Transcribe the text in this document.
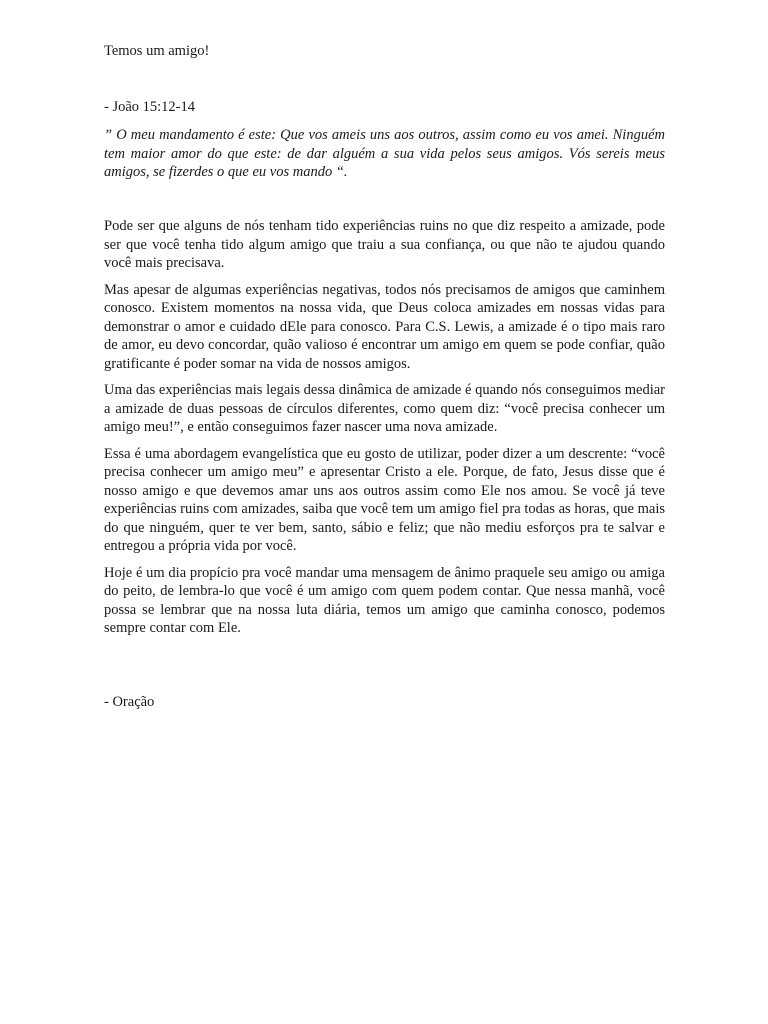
Temos um amigo!

- João 15:12-14

” O meu mandamento é este: Que vos ameis uns aos outros, assim como eu vos amei. Ninguém tem maior amor do que este: de dar alguém a sua vida pelos seus amigos. Vós sereis meus amigos, se fizerdes o que eu vos mando “.

Pode ser que alguns de nós tenham tido experiências ruins no que diz respeito a amizade, pode ser que você tenha tido algum amigo que traiu a sua confiança, ou que não te ajudou quando você mais precisava.

Mas apesar de algumas experiências negativas, todos nós precisamos de amigos que caminhem conosco. Existem momentos na nossa vida, que Deus coloca amizades em nossas vidas para demonstrar o amor e cuidado dEle para conosco. Para C.S. Lewis, a amizade é o tipo mais raro de amor, eu devo concordar, quão valioso é encontrar um amigo em quem se pode confiar, quão gratificante é poder somar na vida de nossos amigos.

Uma das experiências mais legais dessa dinâmica de amizade é quando nós conseguimos mediar a amizade de duas pessoas de círculos diferentes, como quem diz: “você precisa conhecer um amigo meu!”, e então conseguimos fazer nascer uma nova amizade.

Essa é uma abordagem evangelística que eu gosto de utilizar, poder dizer a um descrente: “você precisa conhecer um amigo meu” e apresentar Cristo a ele. Porque, de fato, Jesus disse que é nosso amigo e que devemos amar uns aos outros assim como Ele nos amou. Se você já teve experiências ruins com amizades, saiba que você tem um amigo fiel pra todas as horas, que mais do que ninguém, quer te ver bem, santo, sábio e feliz; que não mediu esforços pra te salvar e entregou a própria vida por você.

Hoje é um dia propício pra você mandar uma mensagem de ânimo praquele seu amigo ou amiga do peito, de lembra-lo que você é um amigo com quem podem contar. Que nessa manhã, você possa se lembrar que na nossa luta diária, temos um amigo que caminha conosco, podemos sempre contar com Ele.

- Oração
